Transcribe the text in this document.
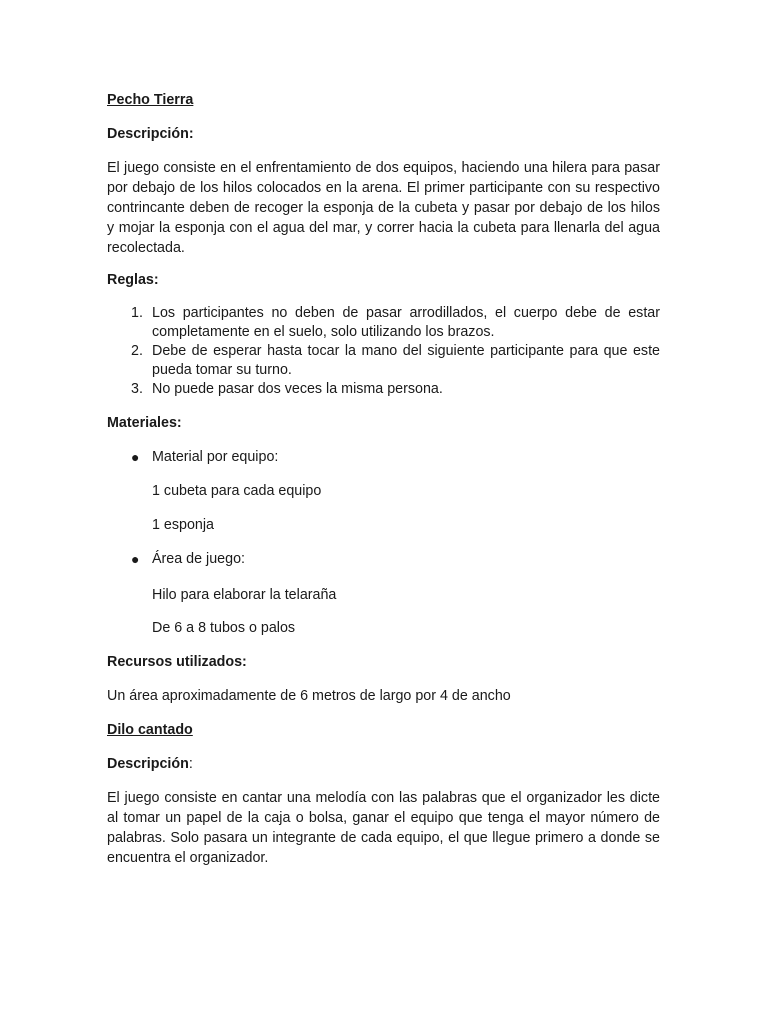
Pecho Tierra

Descripción:

El juego consiste en el enfrentamiento de dos equipos, haciendo una hilera para pasar por debajo de los hilos colocados en la arena. El primer participante con su respectivo contrincante deben de recoger la esponja de la cubeta y pasar por debajo de los hilos y mojar la esponja con el agua del mar, y correr hacia la cubeta para llenarla del agua recolectada.

Reglas:

1. Los participantes no deben de pasar arrodillados, el cuerpo debe de estar completamente en el suelo, solo utilizando los brazos.
2. Debe de esperar hasta tocar la mano del siguiente participante para que este pueda tomar su turno.
3. No puede pasar dos veces la misma persona.

Materiales:

● Material por equipo:
1 cubeta para cada equipo
1 esponja
● Área de juego:
Hilo para elaborar la telaraña
De 6 a 8 tubos o palos

Recursos utilizados:

Un área aproximadamente de 6 metros de largo por 4 de ancho

Dilo cantado

Descripción:

El juego consiste en cantar una melodía con las palabras que el organizador les dicte al tomar un papel de la caja o bolsa, ganar el equipo que tenga el mayor número de palabras. Solo pasara un integrante de cada equipo, el que llegue primero a donde se encuentra el organizador.
